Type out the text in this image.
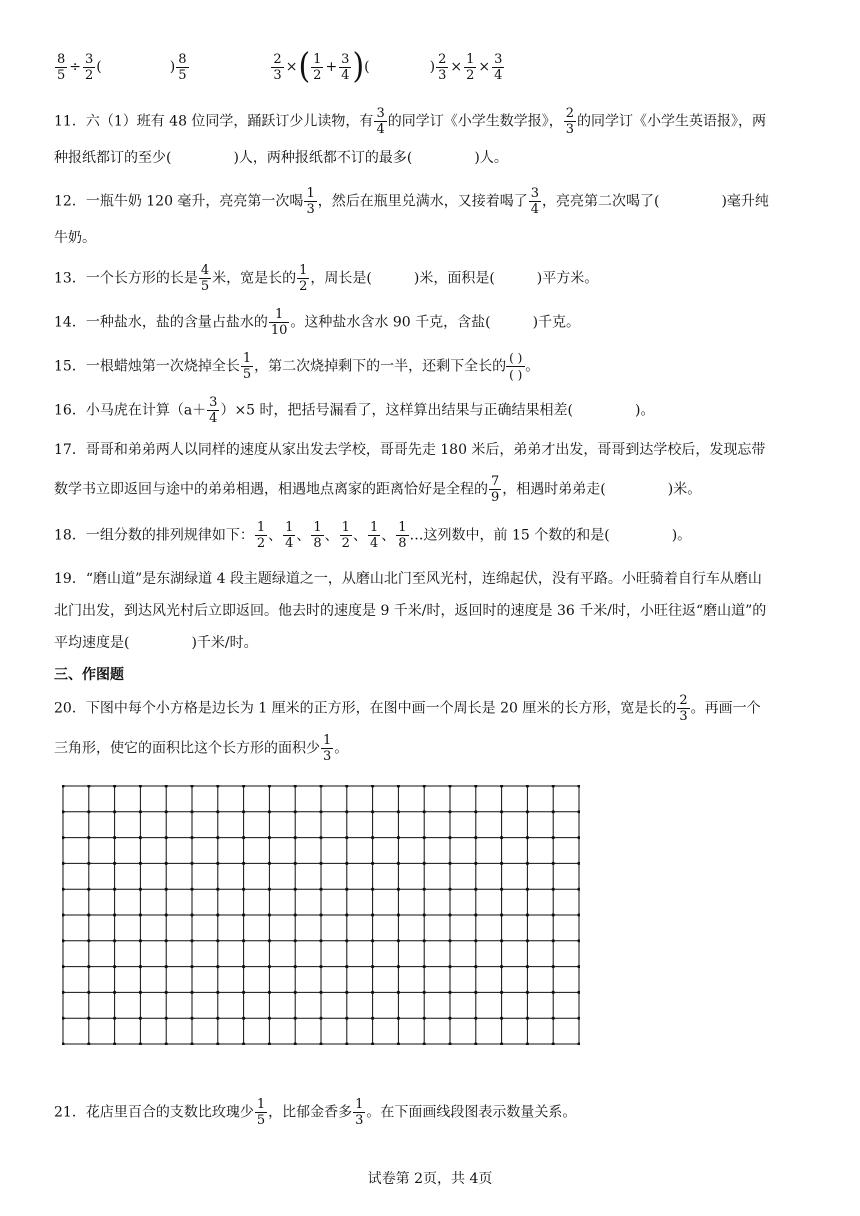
$\frac{8}{5} \div \frac{3}{2}$ (	) $\frac{8}{5}$
	$\frac{2}{3}$ ×( $\frac{1}{2} + \frac{3}{4}$ )(	) $\frac{2}{3} \times \frac{1}{2} \times \frac{3}{4}$
11．六（1）班有 48 位同学，踊跃订少儿读物，有 $\frac{3}{4}$ 的同学订《小学生数学报》， $\frac{2}{3}$ 的同学订《小学生英语报》，两
种报纸都订的至少(	)人，两种报纸都不订的最多(	)人。
12．一瓶牛奶 120 毫升，亮亮第一次喝 $\frac{1}{3}$ ，然后在瓶里兑满水，又接着喝了 $\frac{3}{4}$ ，亮亮第二次喝了(	)毫升纯
牛奶。
13．一个长方形的长是 $\frac{4}{5}$ 米，宽是长的 $\frac{1}{2}$ ，周长是(	)米，面积是(	)平方米。
14．一种盐水，盐的含量占盐水的 $\frac{1}{10}$ 。这种盐水含水 90 千克，含盐(	)千克。
15．一根蜡烛第一次烧掉全长 $\frac{1}{5}$ ，第二次烧掉剩下的一半，还剩下全长的 $\frac{( )}{( )}$ 。
16．小马虎在计算$(a+ \frac{3}{4} )\times 5$ 时，把括号漏看了，这样算出结果与正确结果相差(	)。
17．哥哥和弟弟两人以同样的速度从家出发去学校，哥哥先走 180 米后，弟弟才出发，哥哥到达学校后，发现忘带
数学书立即返回与途中的弟弟相遇，相遇地点离家的距离恰好是全程的 $\frac{7}{9}$ ，相遇时弟弟走(	)米。
18．一组分数的排列规律如下： $\frac{1}{2}$ 、 $\frac{1}{4}$ 、 $\frac{1}{8}$ 、 $\frac{1}{2}$ 、 $\frac{1}{4}$ 、 $\frac{1}{8}$ …这列数中，前 15 个数的和是(	)。
19．“磨山道”是东湖绿道 4 段主题绿道之一，从磨山北门至风光村，连绵起伏，没有平路。小旺骑着自行车从磨山
北门出发，到达风光村后立即返回。他去时的速度是 9 千米/时，返回时的速度是 36 千米/时，小旺往返“磨山道”的
平均速度是(	)千米/时。
三、作图题
20．下图中每个小方格是边长为 1 厘米的正方形，在图中画一个周长是 20 厘米的长方形，宽是长的 $\frac{2}{3}$ 。再画一个
三角形，使它的面积比这个长方形的面积少 $\frac{1}{3}$ 。
21．花店里百合的支数比玫瑰少 $\frac{1}{5}$ ，比郁金香多 $\frac{1}{3}$ 。在下面画线段图表示数量关系。
试卷第 2页，共 4页
